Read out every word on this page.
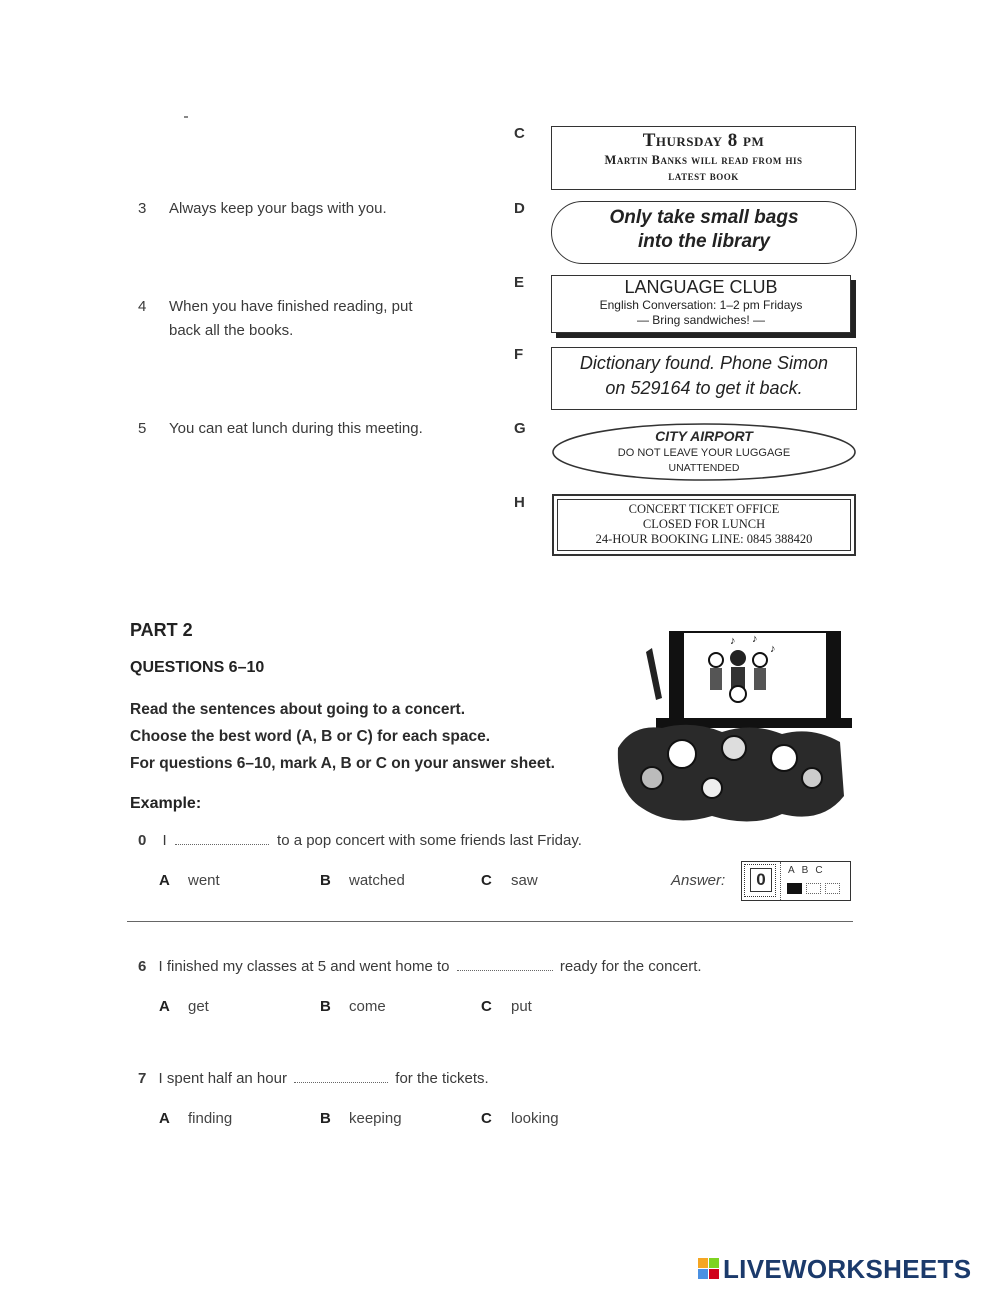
3 Always keep your bags with you.
4 When you have finished reading, put
back all the books.
5 You can eat lunch during this meeting.
C
D
E
F
G
H
Thursday 8 pm
Martin Banks will read from his
latest book
Only take small bags
into the library
LANGUAGE CLUB
English Conversation: 1–2 pm Fridays
— Bring sandwiches! —
Dictionary found. Phone Simon
on 529164 to get it back.
CITY AIRPORT
DO NOT LEAVE YOUR LUGGAGE
UNATTENDED
CONCERT TICKET OFFICE
CLOSED FOR LUNCH
24-HOUR BOOKING LINE: 0845 388420
PART 2
QUESTIONS 6–10
Read the sentences about going to a concert.
Choose the best word (A, B or C) for each space.
For questions 6–10, mark A, B or C on your answer sheet.
Example:
♪ ♪
♪
0 I	to a pop concert with some friends last Friday.
A went	B watched	C saw	Answer:	0	ABC
6 I finished my classes at 5 and went home to	ready for the concert.
A get	B come	C put
7 I spent half an hour	for the tickets.
A finding	B keeping	C looking
LIVEWORKSHEETS
